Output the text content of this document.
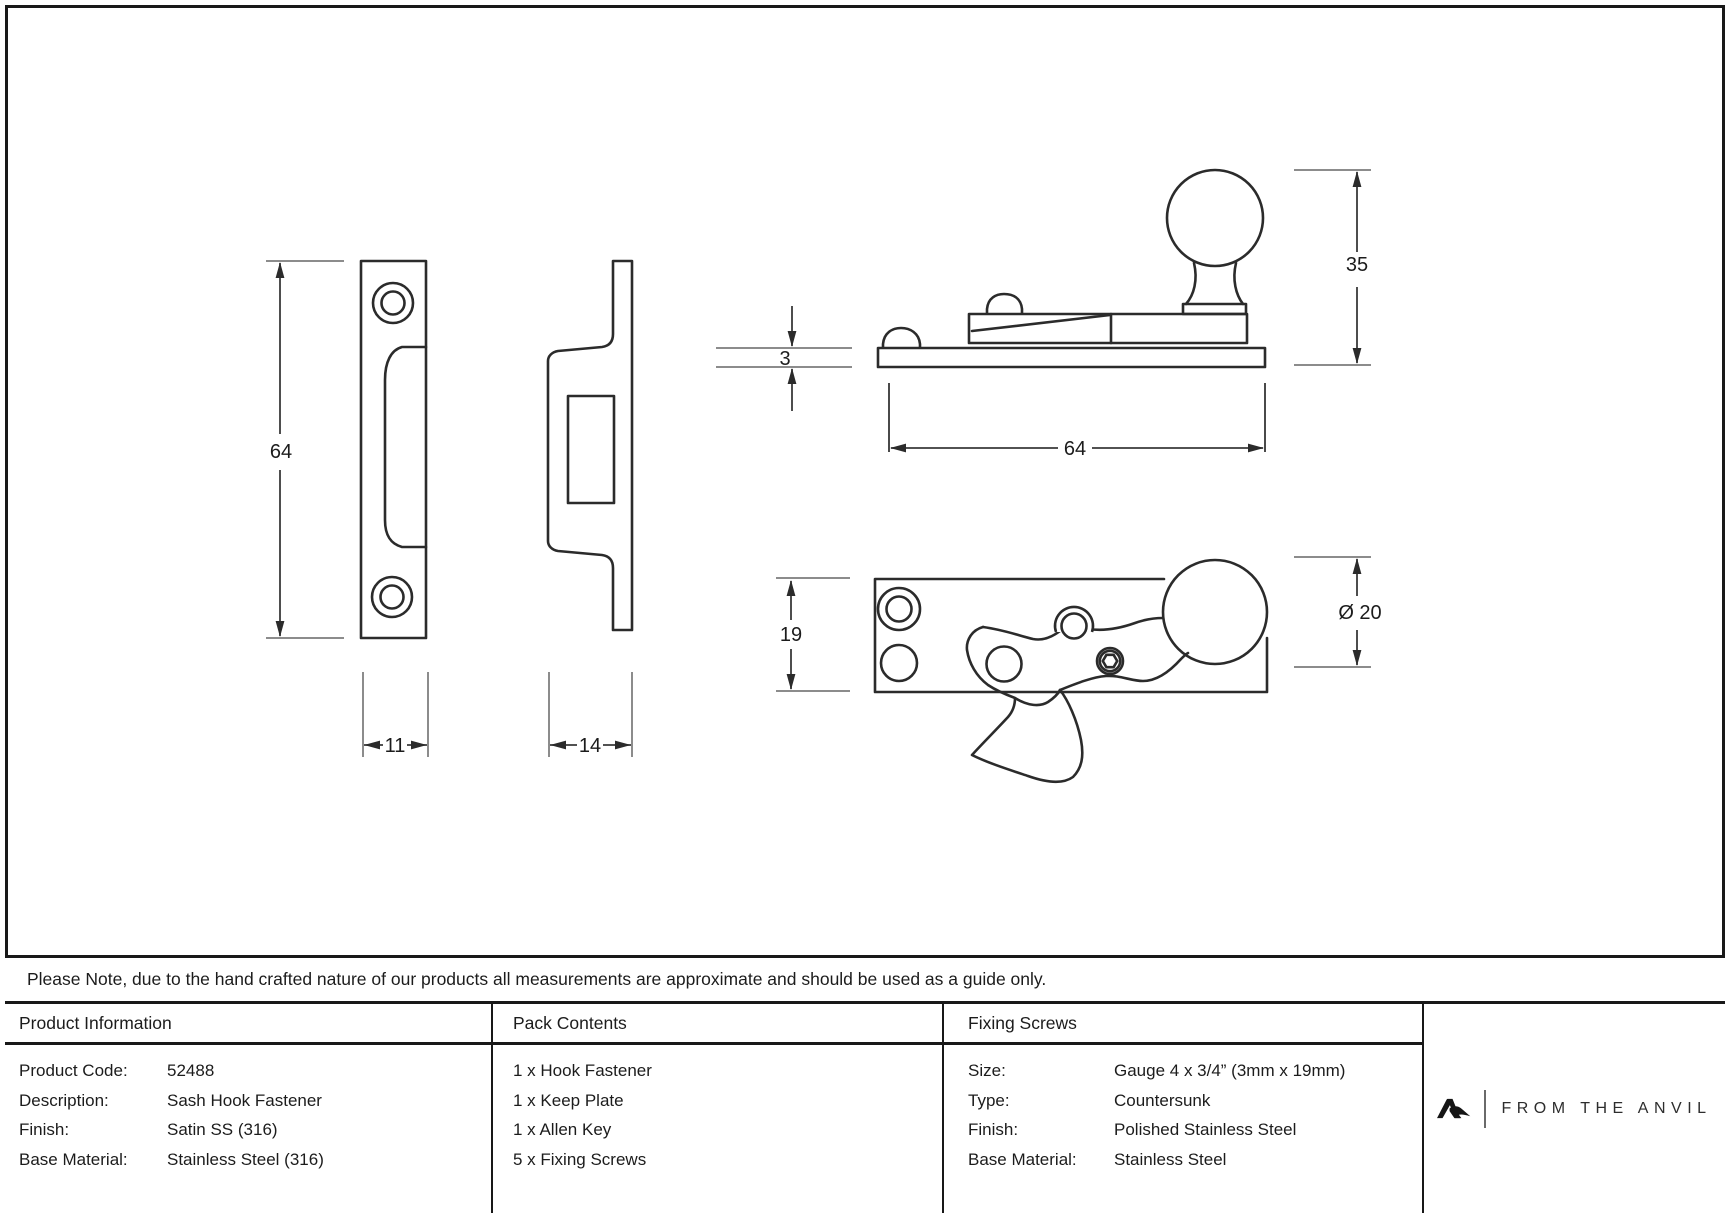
64
11	14
3
64
35
19
Ø 20
Please Note, due to the hand crafted nature of our products all measurements are approximate and should be used as a guide only.
Product Information
Product Code:	52488
Description:	Sash Hook Fastener
Finish:	Satin SS (316)
Base Material:	Stainless Steel (316)
Pack Contents
1 x Hook Fastener
1 x Keep Plate
1 x Allen Key
5 x Fixing Screws
Fixing Screws
Size:	Gauge 4 x 3/4” (3mm x 19mm)
Type:	Countersunk
Finish:	Polished Stainless Steel
Base Material:	Stainless Steel
FROM THE ANVIL
